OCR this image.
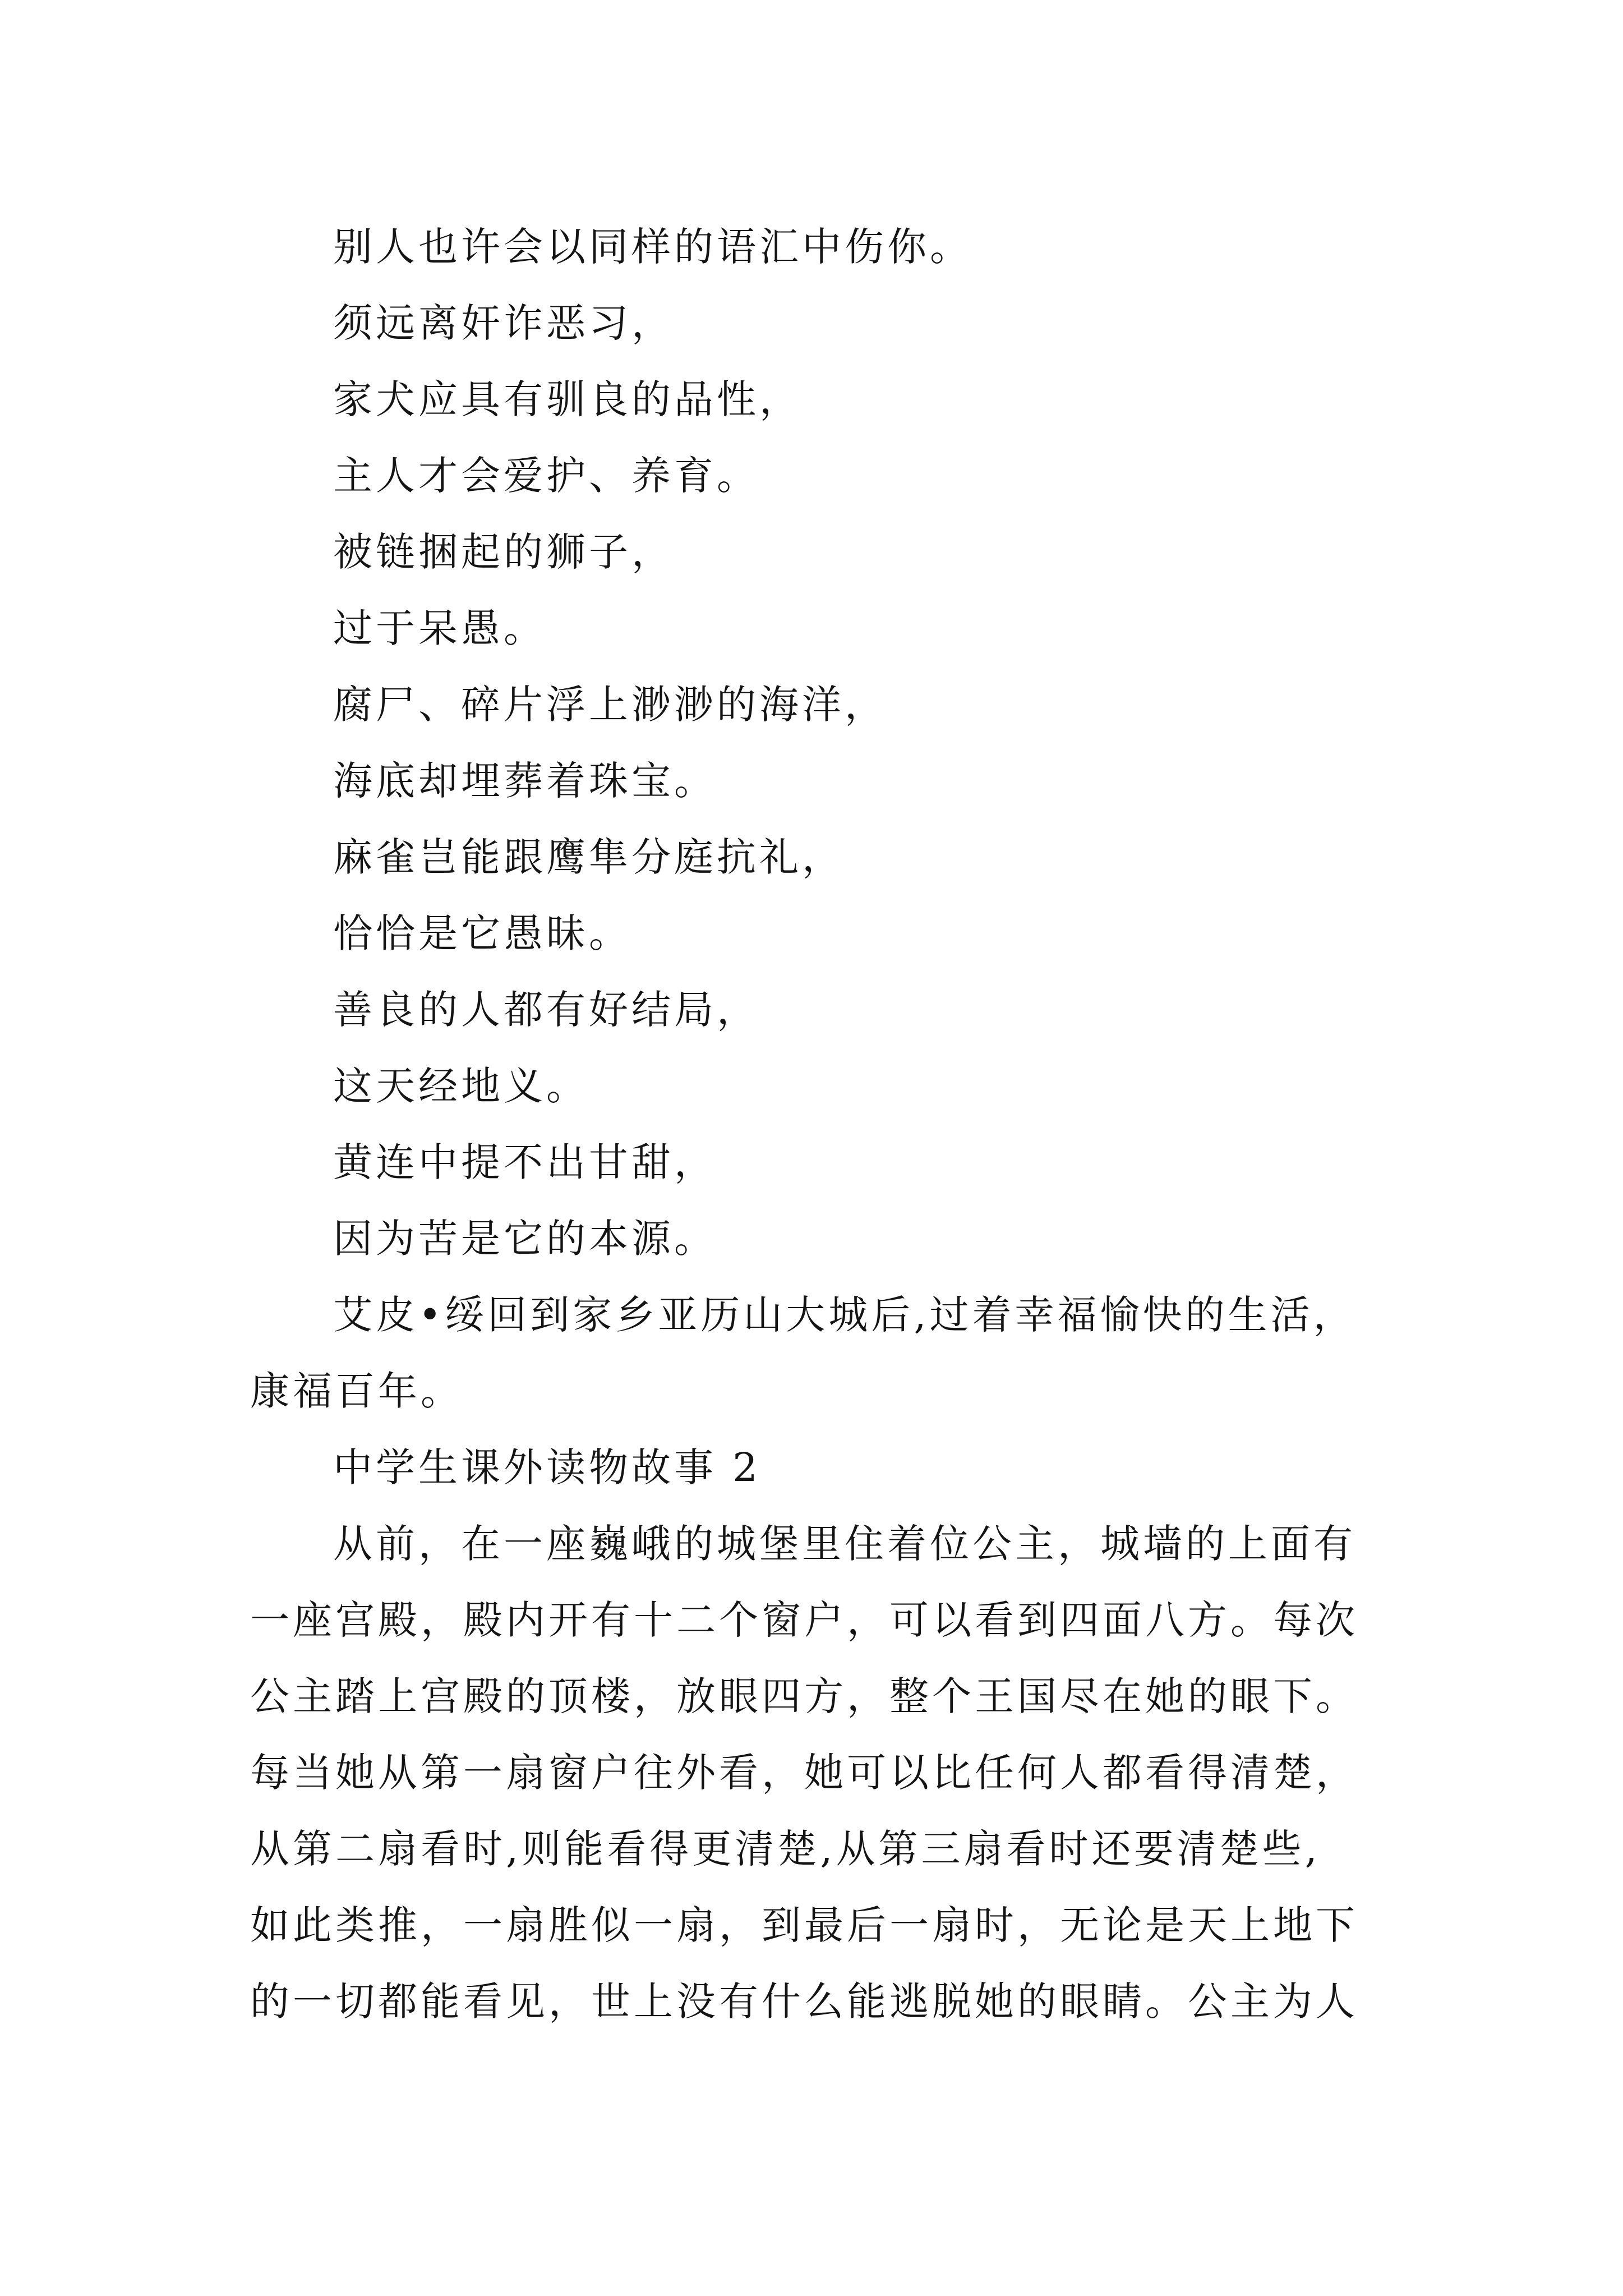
别人也许会以同样的语汇中伤你。
须远离奸诈恶习，
家犬应具有驯良的品性，
主人才会爱护、养育。
被链捆起的狮子，
过于呆愚。
腐尸、碎片浮上渺渺的海洋，
海底却埋葬着珠宝。
麻雀岂能跟鹰隼分庭抗礼，
恰恰是它愚昧。
善良的人都有好结局，
这天经地义。
黄连中提不出甘甜，
因为苦是它的本源。
艾皮•绥回到家乡亚历山大城后,过着幸福愉快的生活，
康福百年。
中学生课外读物故事 2
从前，在一座巍峨的城堡里住着位公主，城墙的上面有
一座宫殿，殿内开有十二个窗户，可以看到四面八方。每次
公主踏上宫殿的顶楼，放眼四方，整个王国尽在她的眼下。
每当她从第一扇窗户往外看，她可以比任何人都看得清楚，
从第二扇看时,则能看得更清楚,从第三扇看时还要清楚些,
如此类推，一扇胜似一扇，到最后一扇时，无论是天上地下
的一切都能看见，世上没有什么能逃脱她的眼睛。公主为人
